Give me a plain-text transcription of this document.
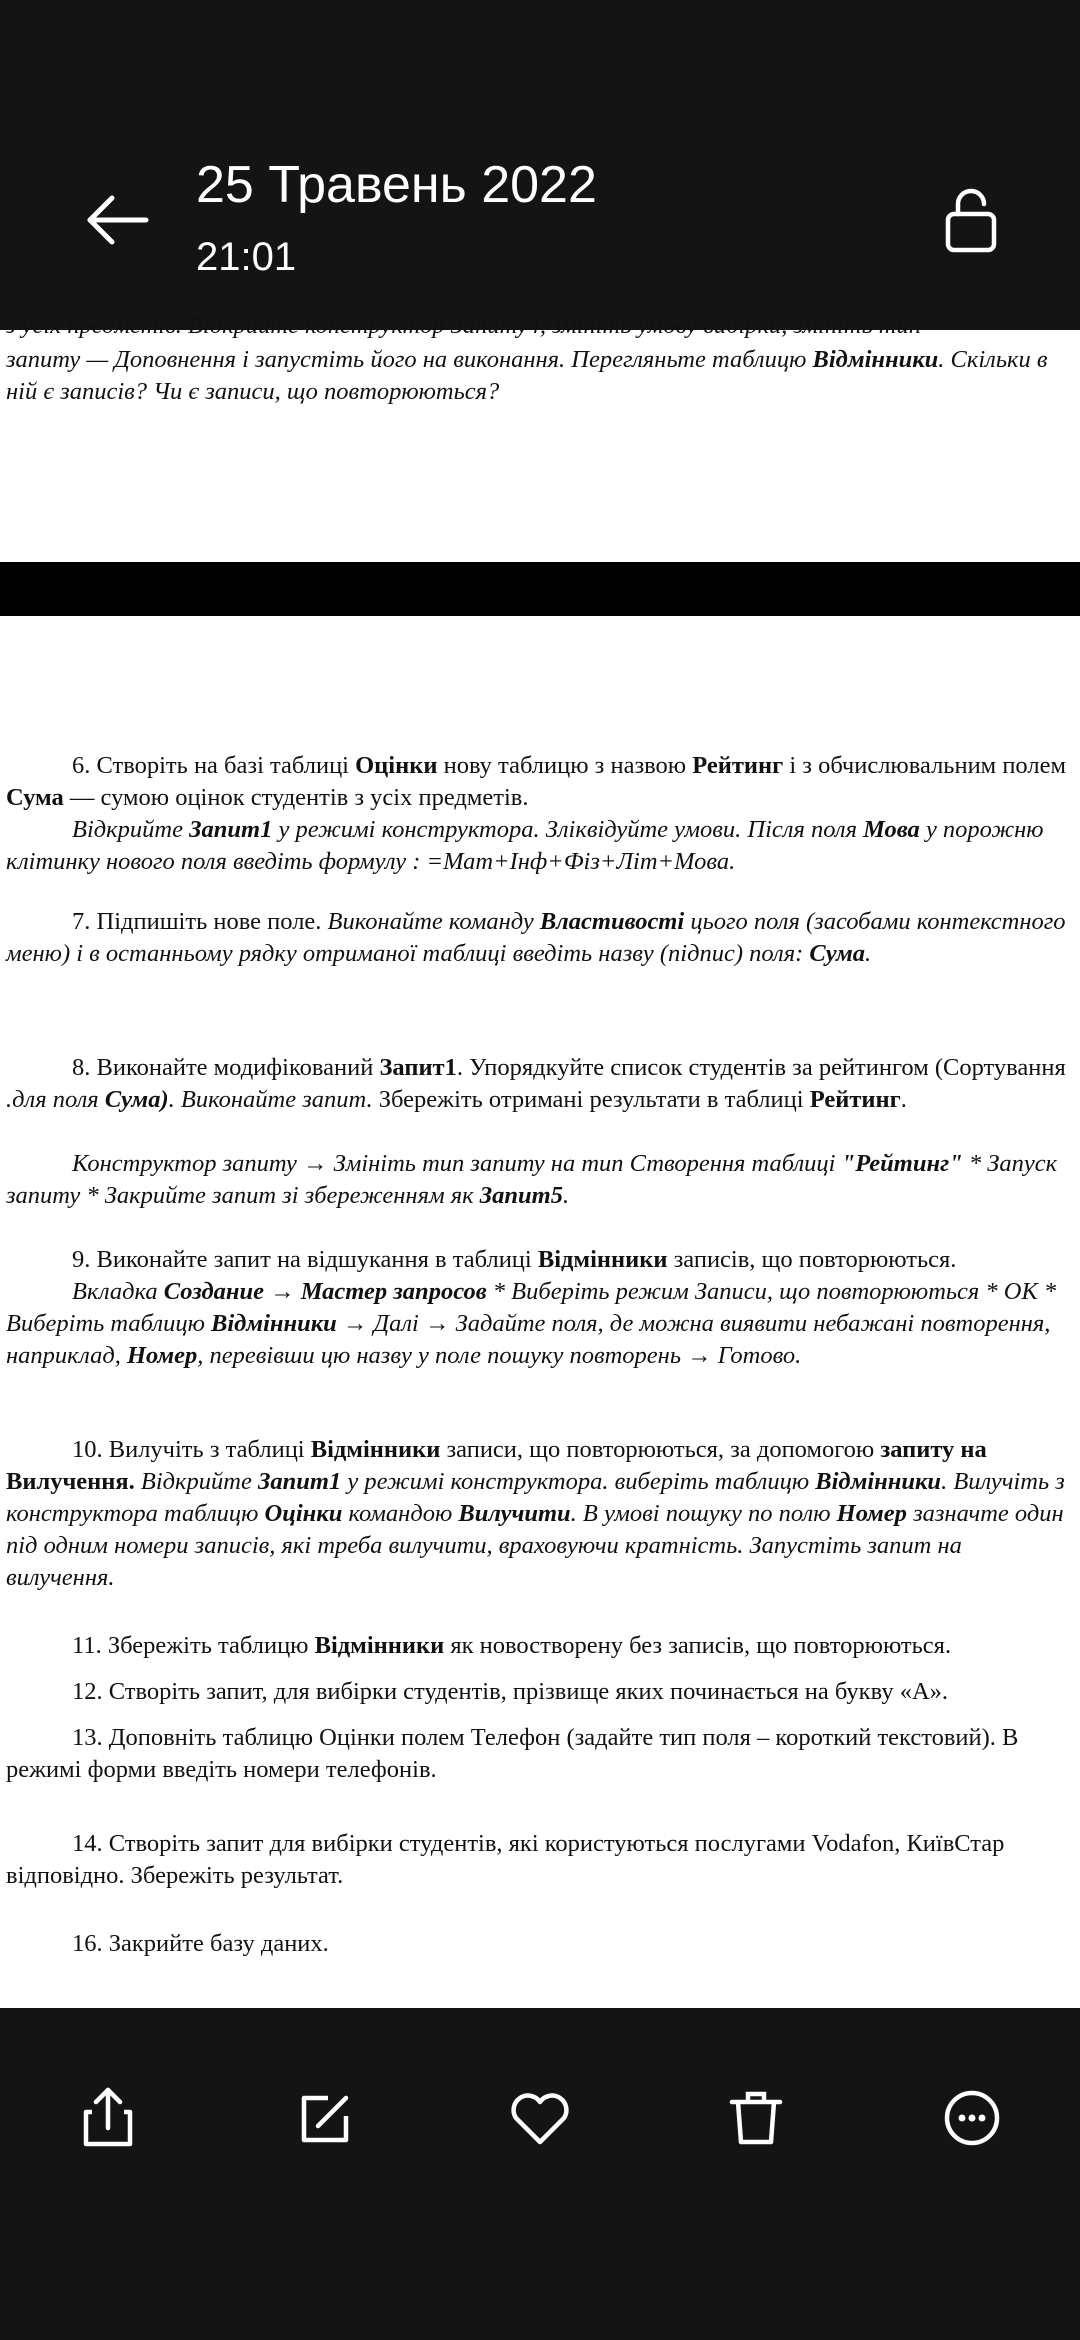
25 Травень 2022
21:01
з усіх предметів. Відкрийте конструктор Запиту4, змініть умову вибірки, змініть тип

запиту — Доповнення і запустіть його на виконання. Перегляньте таблицю Відмінники. Скільки в ній є записів? Чи є записи, що повторюються?

6. Створіть на базі таблиці Оцінки нову таблицю з назвою Рейтинг і з обчислювальним полем Сума — сумою оцінок студентів з усіх предметів.

Відкрийте Запит1 у режимі конструктора. Зліквідуйте умови. Після поля Мова у порожню клітинку нового поля введіть формулу : =Мат+Інф+Фіз+Літ+Мова.

7. Підпишіть нове поле. Виконайте команду Властивості цього поля (засобами контекстного меню) і в останньому рядку отриманої таблиці введіть назву (підпис) поля: Сума.

8. Виконайте модифікований Запит1. Упорядкуйте список студентів за рейтингом (Сортування .для поля Сума). Виконайте запит. Збережіть отримані результати в таблиці Рейтинг.

Конструктор запиту → Змініть тип запиту на тип Створення таблиці "Рейтинг" * Запуск запиту * Закрийте запит зі збереженням як Запит5.

9. Виконайте запит на відшукання в таблиці Відмінники записів, що повторюються.

Вкладка Создание → Мастер запросов * Виберіть режим Записи, що повторюються * ОК * Виберіть таблицю Відмінники → Далі → Задайте поля, де можна виявити небажані повторення, наприклад, Номер, перевівши цю назву у поле пошуку повторень → Готово.

10. Вилучіть з таблиці Відмінники записи, що повторюються, за допомогою запиту на Вилучення. Відкрийте Запит1 у режимі конструктора. виберіть таблицю Відмінники. Вилучіть з конструктора таблицю Оцінки командою Вилучити. В умові пошуку по полю Номер зазначте один під одним номери записів, які треба вилучити, враховуючи кратність. Запустіть запит на вилучення.

11. Збережіть таблицю Відмінники як новостворену без записів, що повторюються.

12. Створіть запит, для вибірки студентів, прізвище яких починається на букву «А».

13. Доповніть таблицю Оцінки полем Телефон (задайте тип поля – короткий текстовий). В режимі форми введіть номери телефонів.

14. Створіть запит для вибірки студентів, які користуються послугами Vodafon, КиївСтар відповідно. Збережіть результат.

16. Закрийте базу даних.
